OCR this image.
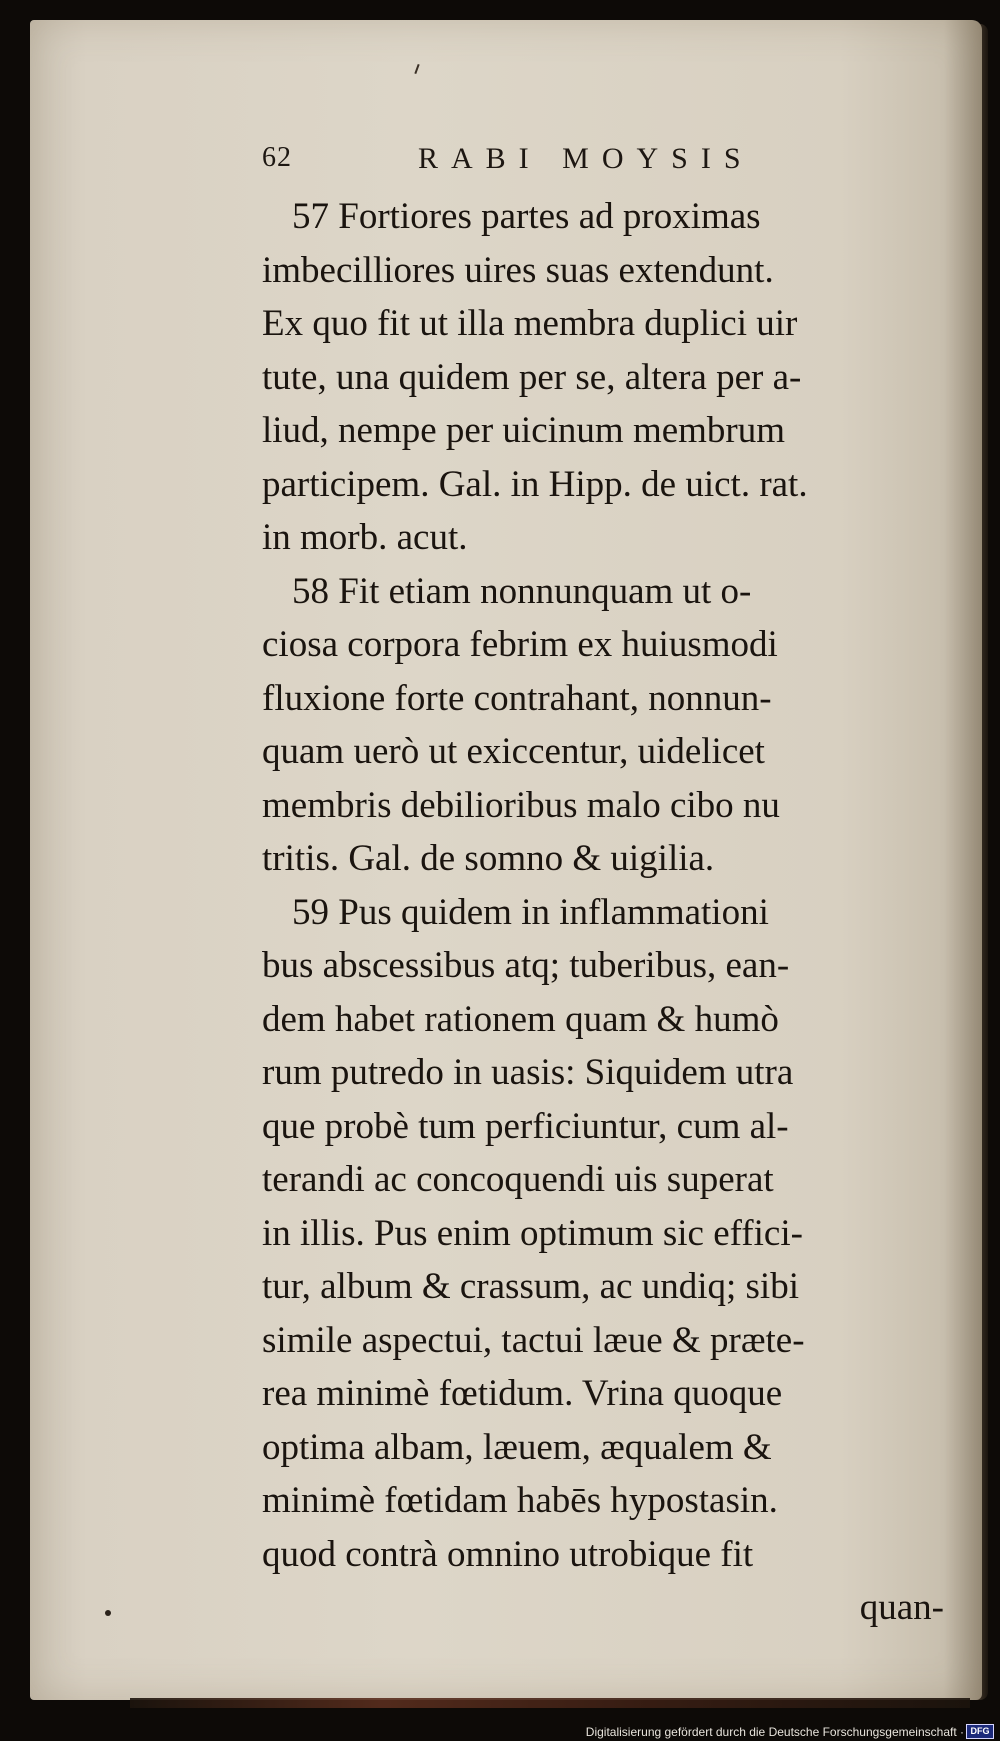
62	RABI MOYSIS
57 Fortiores partes ad proximas
imbecilliores uires suas extendunt.
Ex quo fit ut illa membra duplici uir
tute, una quidem per se, altera per a-
liud, nempe per uicinum membrum
participem. Gal. in Hipp. de uict. rat.
in morb. acut.
58 Fit etiam nonnunquam ut o-
ciosa corpora febrim ex huiusmodi
fluxione forte contrahant, nonnun-
quam uerò ut exiccentur, uidelicet
membris debilioribus malo cibo nu
tritis. Gal. de somno & uigilia.
59 Pus quidem in inflammationi
bus abscessibus atq; tuberibus, ean-
dem habet rationem quam & humò
rum putredo in uasis: Siquidem utra
que probè tum perficiuntur, cum al-
terandi ac concoquendi uis superat
in illis. Pus enim optimum sic effici-
tur, album & crassum, ac undiq; sibi
simile aspectui, tactui læue & præte-
rea minimè fœtidum. Vrina quoque
optima albam, læuem, æqualem &
minimè fœtidam habēs hypostasin.
quod contrà omnino utrobique fit
quan-
Digitalisierung gefördert durch die Deutsche Forschungsgemeinschaft · DFG
